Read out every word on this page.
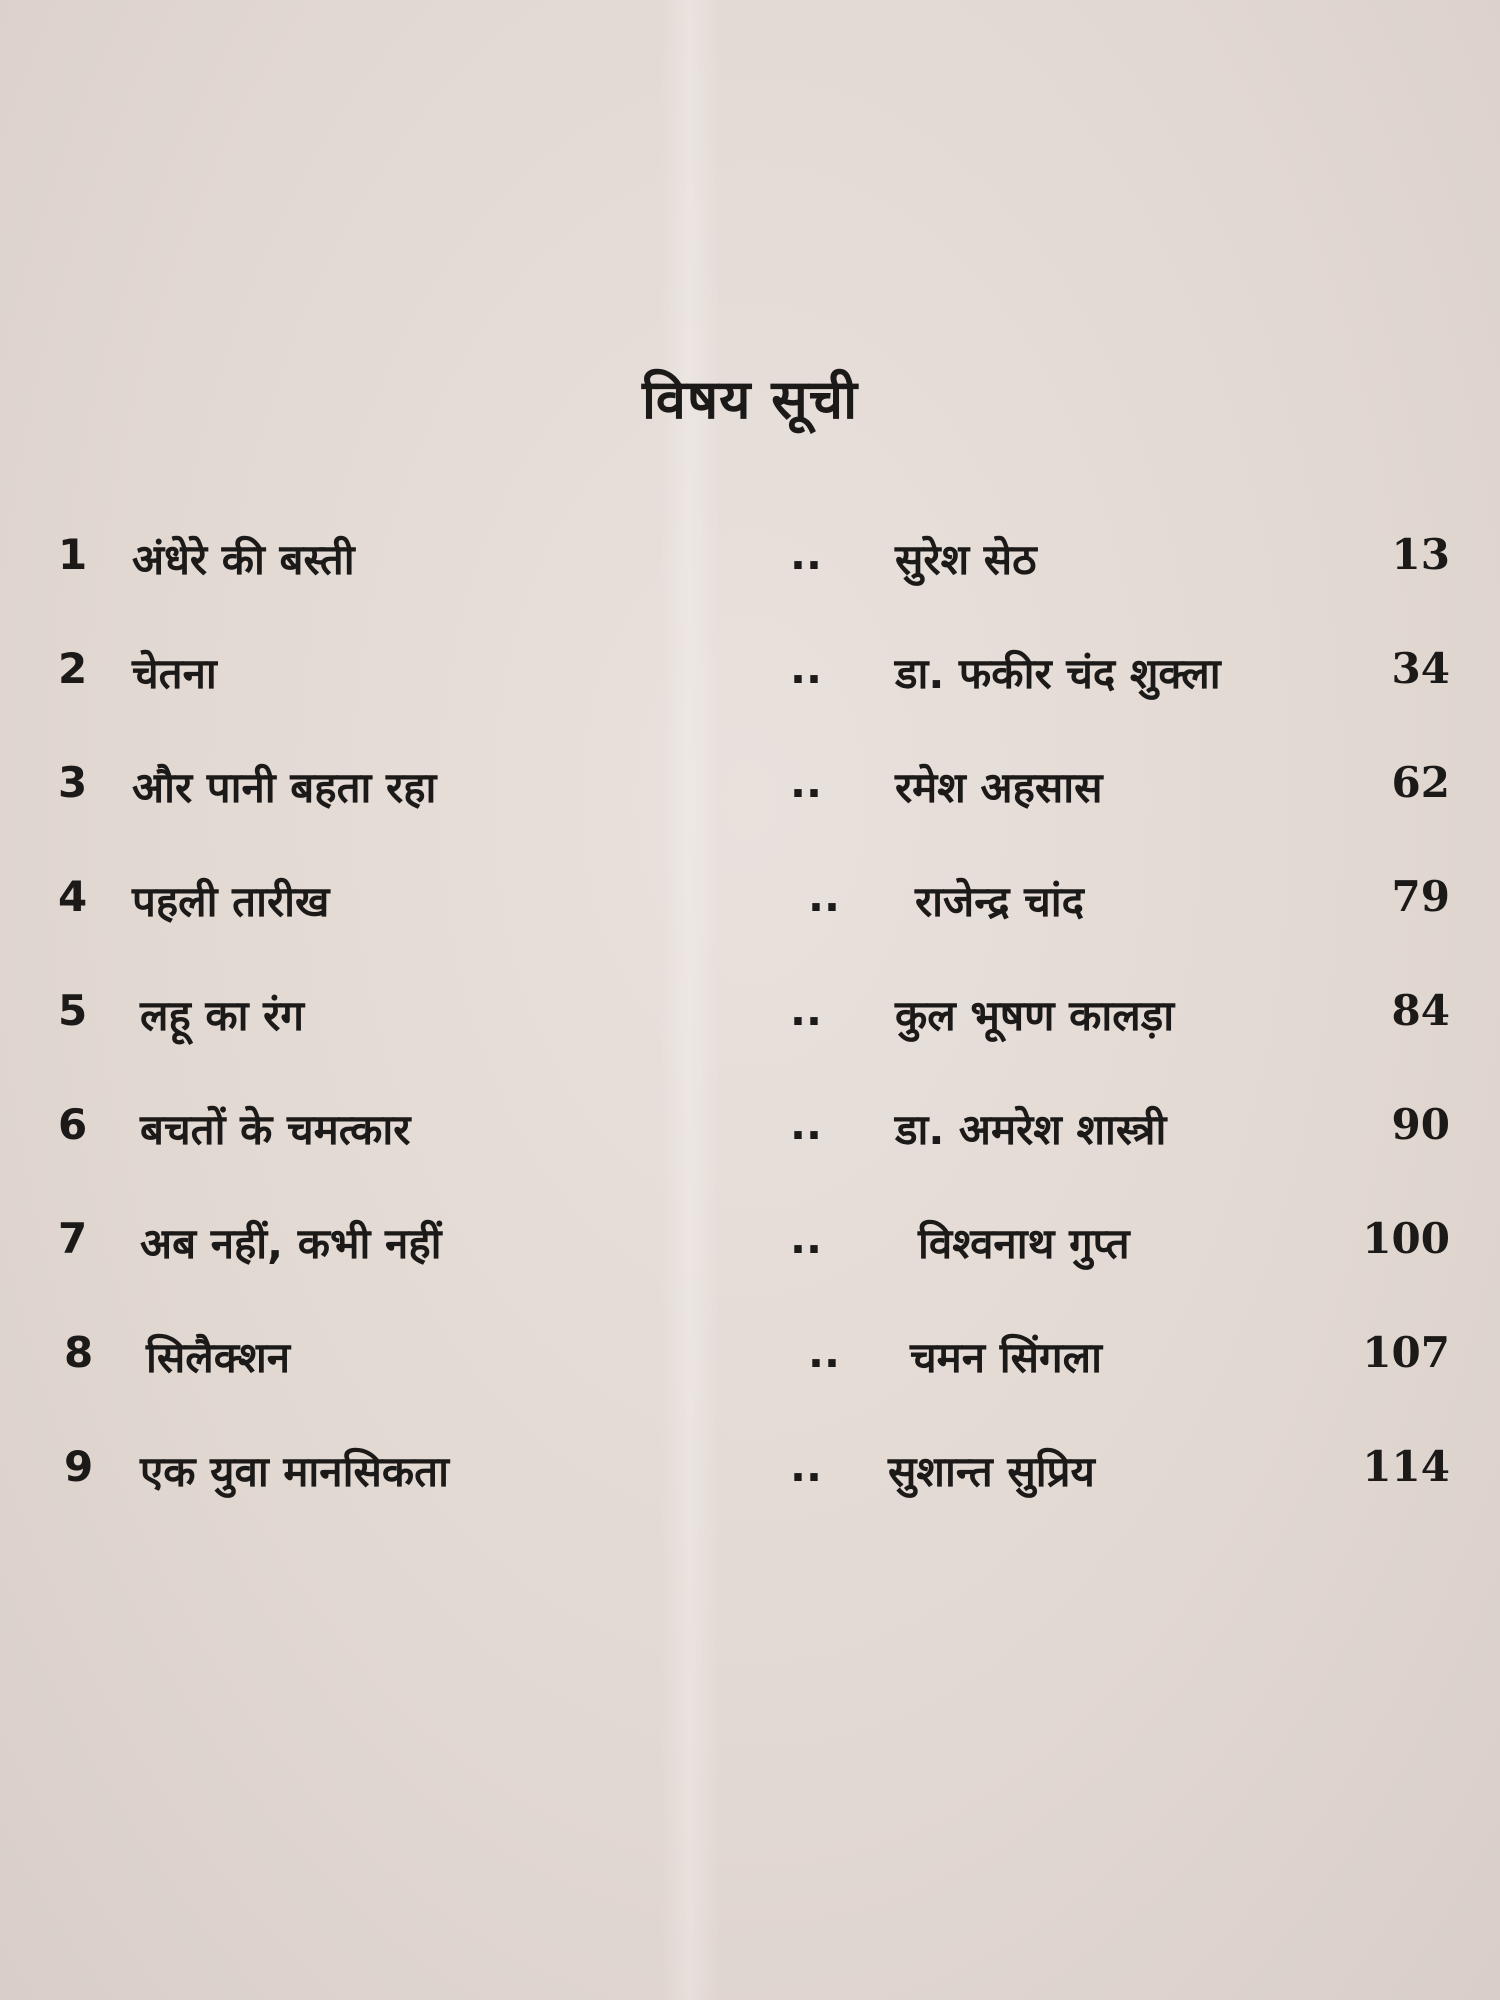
विषय सूची
1 अंधेरे की बस्ती	.. सुरेश सेठ	13
2 चेतना	.. डा. फकीर चंद शुक्ला	34
3 और पानी बहता रहा	.. रमेश अहसास	62
4 पहली तारीख	.. राजेन्द्र चांद	79
5 लहू का रंग	.. कुल भूषण कालड़ा	84
6 बचतों के चमत्कार	.. डा. अमरेश शास्त्री	90
7 अब नहीं, कभी नहीं	.. विश्वनाथ गुप्त	100
8 सिलैक्शन	.. चमन सिंगला	107
9 एक युवा मानसिकता	.. सुशान्त सुप्रिय	114
